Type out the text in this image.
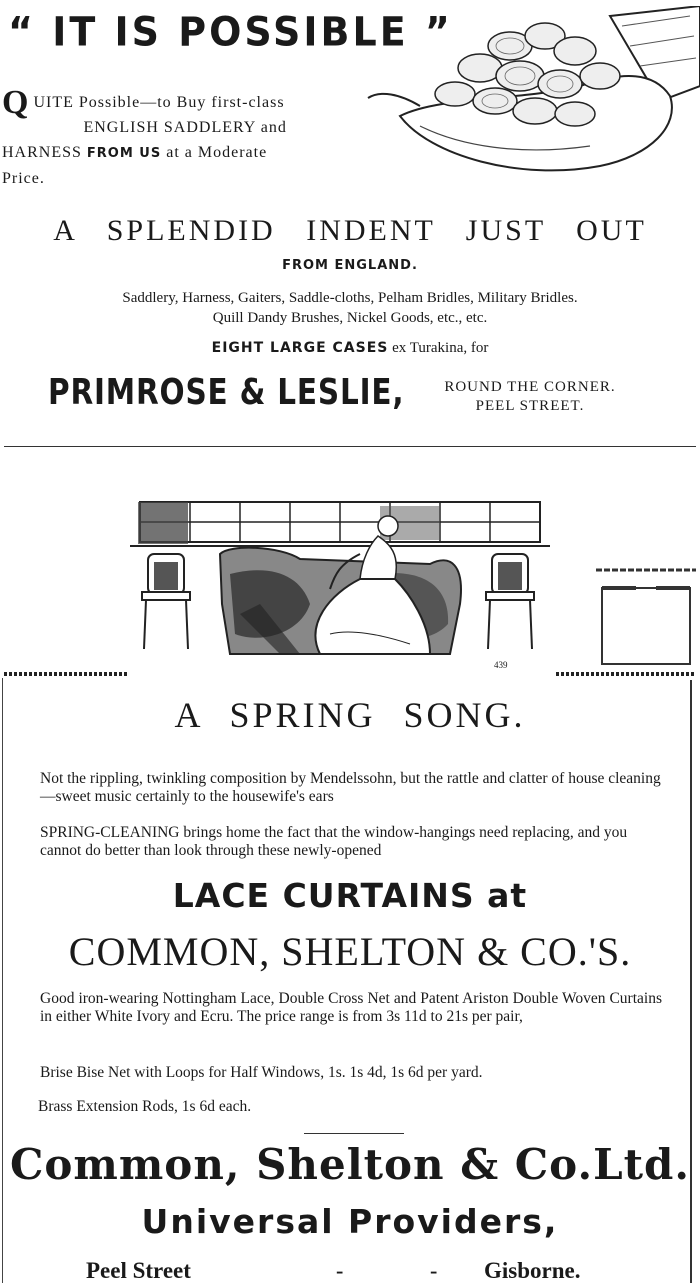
“ IT IS POSSIBLE ”
Q UITE Possible—to Buy first-class
ENGLISH SADDLERY and
HARNESS FROM US at a Moderate
Price.
A SPLENDID INDENT JUST OUT
FROM ENGLAND.
Saddlery, Harness, Gaiters, Saddle-cloths, Pelham Bridles, Military Bridles.
Quill Dandy Brushes, Nickel Goods, etc., etc.
EIGHT LARGE CASES ex Turakina, for
PRIMROSE & LESLIE,	ROUND THE CORNER.
PEEL STREET.
439
A SPRING SONG.
Not the rippling, twinkling composition by Mendelssohn, but the rattle and clatter of house cleaning—sweet music certainly to the housewife's ears
SPRING-CLEANING brings home the fact that the window-hangings need replacing, and you cannot do better than look through these newly-opened
LACE CURTAINS at
COMMON, SHELTON & CO.'S.
Good iron-wearing Nottingham Lace, Double Cross Net and Patent Ariston Double Woven Curtains in either White Ivory and Ecru. The price range is from 3s 11d to 21s per pair,
Brise Bise Net with Loops for Half Windows, 1s. 1s 4d, 1s 6d per yard.
Brass Extension Rods, 1s 6d each.
Common, Shelton & Co.Ltd.
Universal Providers,
Peel Street	-	- Gisborne.
